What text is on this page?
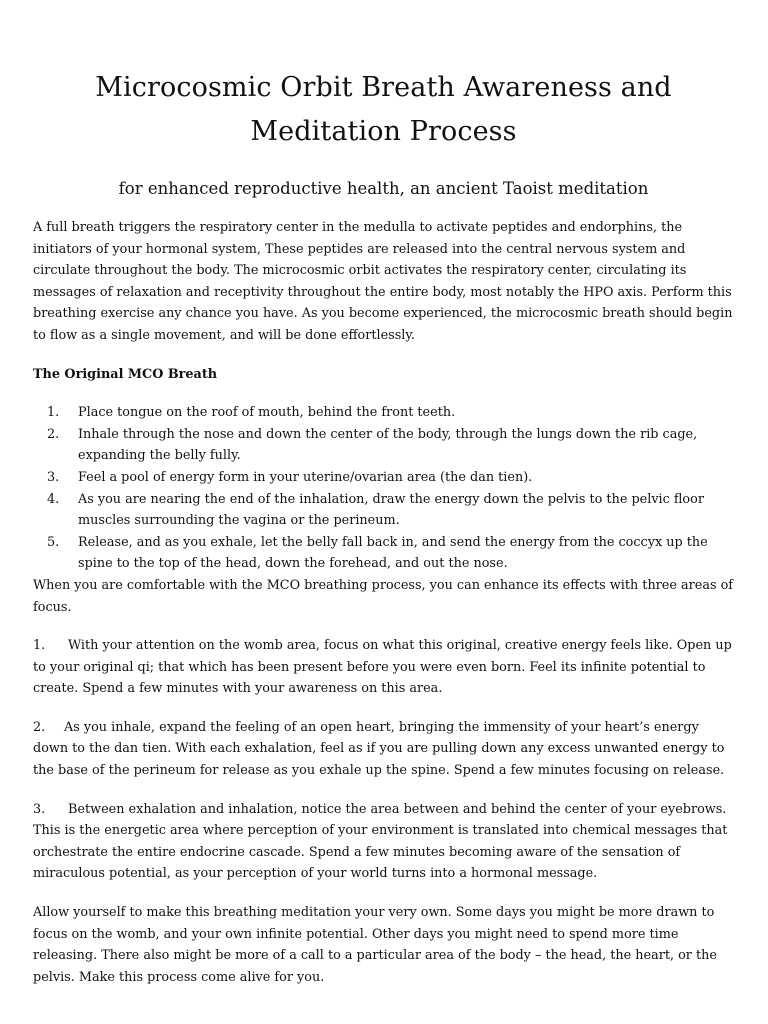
Microcosmic Orbit Breath Awareness and
Meditation Process
for enhanced reproductive health, an ancient Taoist meditation

A full breath triggers the respiratory center in the medulla to activate peptides and endorphins, the initiators of your hormonal system, These peptides are released into the central nervous system and circulate throughout the body. The microcosmic orbit activates the respiratory center, circulating its messages of relaxation and receptivity throughout the entire body, most notably the HPO axis. Perform this breathing exercise any chance you have. As you become experienced, the microcosmic breath should begin to flow as a single movement, and will be done effortlessly.

The Original MCO Breath
1. Place tongue on the roof of mouth, behind the front teeth.
2. Inhale through the nose and down the center of the body, through the lungs down the rib cage, expanding the belly fully.
3. Feel a pool of energy form in your uterine/ovarian area (the dan tien).
4. As you are nearing the end of the inhalation, draw the energy down the pelvis to the pelvic floor muscles surrounding the vagina or the perineum.
5. Release, and as you exhale, let the belly fall back in, and send the energy from the coccyx up the spine to the top of the head, down the forehead, and out the nose.

When you are comfortable with the MCO breathing process, you can enhance its effects with three areas of focus.

1. With your attention on the womb area, focus on what this original, creative energy feels like. Open up to your original qi; that which has been present before you were even born. Feel its infinite potential to create. Spend a few minutes with your awareness on this area.

2. As you inhale, expand the feeling of an open heart, bringing the immensity of your heart’s energy down to the dan tien. With each exhalation, feel as if you are pulling down any excess unwanted energy to the base of the perineum for release as you exhale up the spine. Spend a few minutes focusing on release.

3. Between exhalation and inhalation, notice the area between and behind the center of your eyebrows. This is the energetic area where perception of your environment is translated into chemical messages that orchestrate the entire endocrine cascade. Spend a few minutes becoming aware of the sensation of miraculous potential, as your perception of your world turns into a hormonal message.

Allow yourself to make this breathing meditation your very own. Some days you might be more drawn to focus on the womb, and your own infinite potential. Other days you might need to spend more time releasing. There also might be more of a call to a particular area of the body – the head, the heart, or the pelvis. Make this process come alive for you.
